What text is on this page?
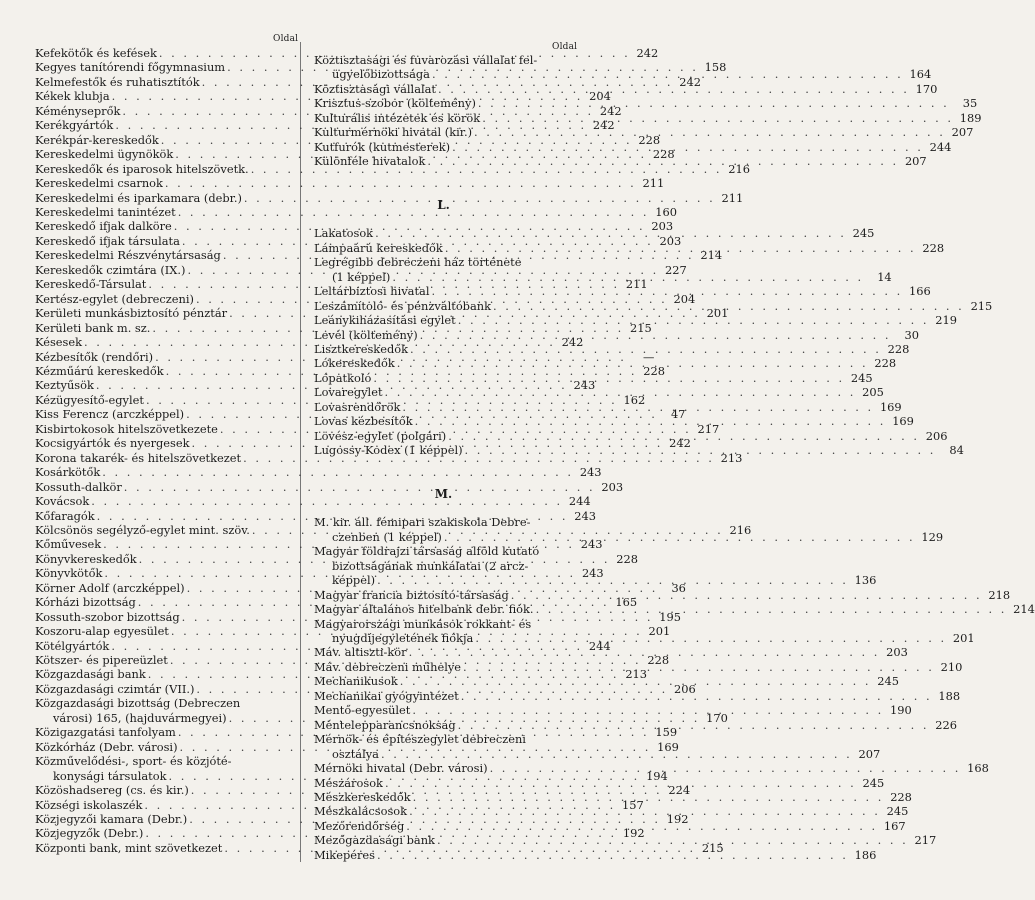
Oldal
Kefekötők és kefések . . .	242
Kegyes tanítórendi főgymnasium . . .	158
Kelmefestők és ruhatisztítók . . .	242
Kékek klubja . . .	204
Kéményseprők . . .	242
Kerékgyártók . . .	242
Kerékpár-kereskedők . . .	228
Kereskedelmi ügynökök . . .	228
Kereskedők és iparosok hitelszövetk. . . .	216
Kereskedelmi csarnok . . .	211
Kereskedelmi és iparkamara (debr.) . . .	211
Kereskedelmi tanintézet . . .	160
Kereskedő ifjak dalköre . . .	203
Kereskedő ifjak társulata . . .	203
Kereskedelmi Részvénytársaság . . .	214
Kereskedők czimtára (IX.) . . .	227
Kereskedő-Társulat . . .	211
Kertész-egylet (debreczeni) . . .	204
Kerületi munkásbiztosító pénztár . . .	201
Kerületi bank m. sz. . . .	215
Késesek . . .	242
Kézbesítők (rendőri) . . .	—
Kézműárú kereskedők . . .	228
Keztyűsök . . .	243
Kézügyesítő-egylet . . .	162
Kiss Ferencz (arczképpel) . . .	47
Kisbirtokosok hitelszövetkezete . . .	217
Kocsigyártók és nyergesek . . .	242
Korona takarék- és hitelszövetkezet . . .	213
Kosárkötők . . .	243
Kossuth-dalkör . . .	203
Kovácsok . . .	244
Kőfaragók . . .	243
Kölcsönös segélyző-egylet mint. szöv. . . .	216
Kőművesek . . .	243
Könyvkereskedők . . .	228
Könyvkötők . . .	243
Körner Adolf (arczképpel) . . .	36
Kórházi bizottság . . .	165
Kossuth-szobor bizottság . . .	195
Koszoru-alap egyesület . . .	201
Kötélgyártók . . .	244
Kötszer- és pipereüzlet . . .	228
Közgazdasági bank . . .	213
Közgazdasági czimtár (VII.) . . .	206
Közgazdasági bizottság (Debreczen
városi) 165, (hajduvármegyei) . . .	170
Közigazgatási tanfolyam . . .	159
Közkórház (Debr. városi) . . .	169
Közművelődési-, sport- és közjóté-
konysági társulatok . . .	194
Közöshadsereg (cs. és kir.) . . .	224
Községi iskolaszék . . .	157
Közjegyzői kamara (Debr.) . . .	192
Közjegyzők (Debr.) . . .	192
Központi bank, mint szövetkezet . . .	215
Oldal
Köztisztasági és fuvarozási vállalat fel-
ügyelőbizottsága . . .	164
Köztisztasági vállalat . . .	170
Krisztus-szobor (költemény) . . .	35
Kulturális intézetek és körök . . .	189
Kulturmérnöki hivatal (kir.) . . .	207
Kutfurók (kutmesterek) . . .	244
Különféle hivatalok . . .	207
L.
Lakatosok . . .	245
Lámpaárú kereskedők . . .	228
Legrégibb debreczeni ház története
(1 képpel) . . .	14
Leltárbiztosi hivatal . . .	166
Leszámítoló- és pénzváltóbank . . .	215
Leánykiházasítási egylet . . .	219
Levél (költemény) . . .	30
Lisztkereskedők . . .	228
Lókereskedők . . .	228
Lópatkoló . . .	245
Lovaregylet . . .	205
Lovasrendőrök . . .	169
Lovas kézbesítők . . .	169
Lövész-egylet (polgári) . . .	206
Lugossy-Kodex (1 képpel) . . .	84
M.
M. kir. áll. fémipari szakiskola Debre-
czenben (1 képpel) . . .	129
Magyar földrajzi társaság alföld kutató
bizottságának munkálatai (2 arcz-
képpel) . . .	136
Magyar francia biztosító-társaság . . .	218
Magyar általános hitelbank debr. fiók. . . .	214
Magyarországi munkások rokkant- és
nyugdíjegyletének fiókja . . .	201
Máv. altiszti-kör . . .	203
Máv. debreczeni műhelye . . .	210
Mechanikusok . . .	245
Mechanikai gyógyintézet . . .	188
Mentő-egyesület . . .	190
Méntelepparancsnokság . . .	226
Mérnök- és építészegylet debreczeni
osztálya . . .	207
Mérnöki hivatal (Debr. városi) . . .	168
Mészárosok . . .	245
Mészkereskedők . . .	228
Mészkalácsosok . . .	245
Mezőrendőrség . . .	167
Mezőgazdasági bank . . .	217
Mikepéres . . .	186
